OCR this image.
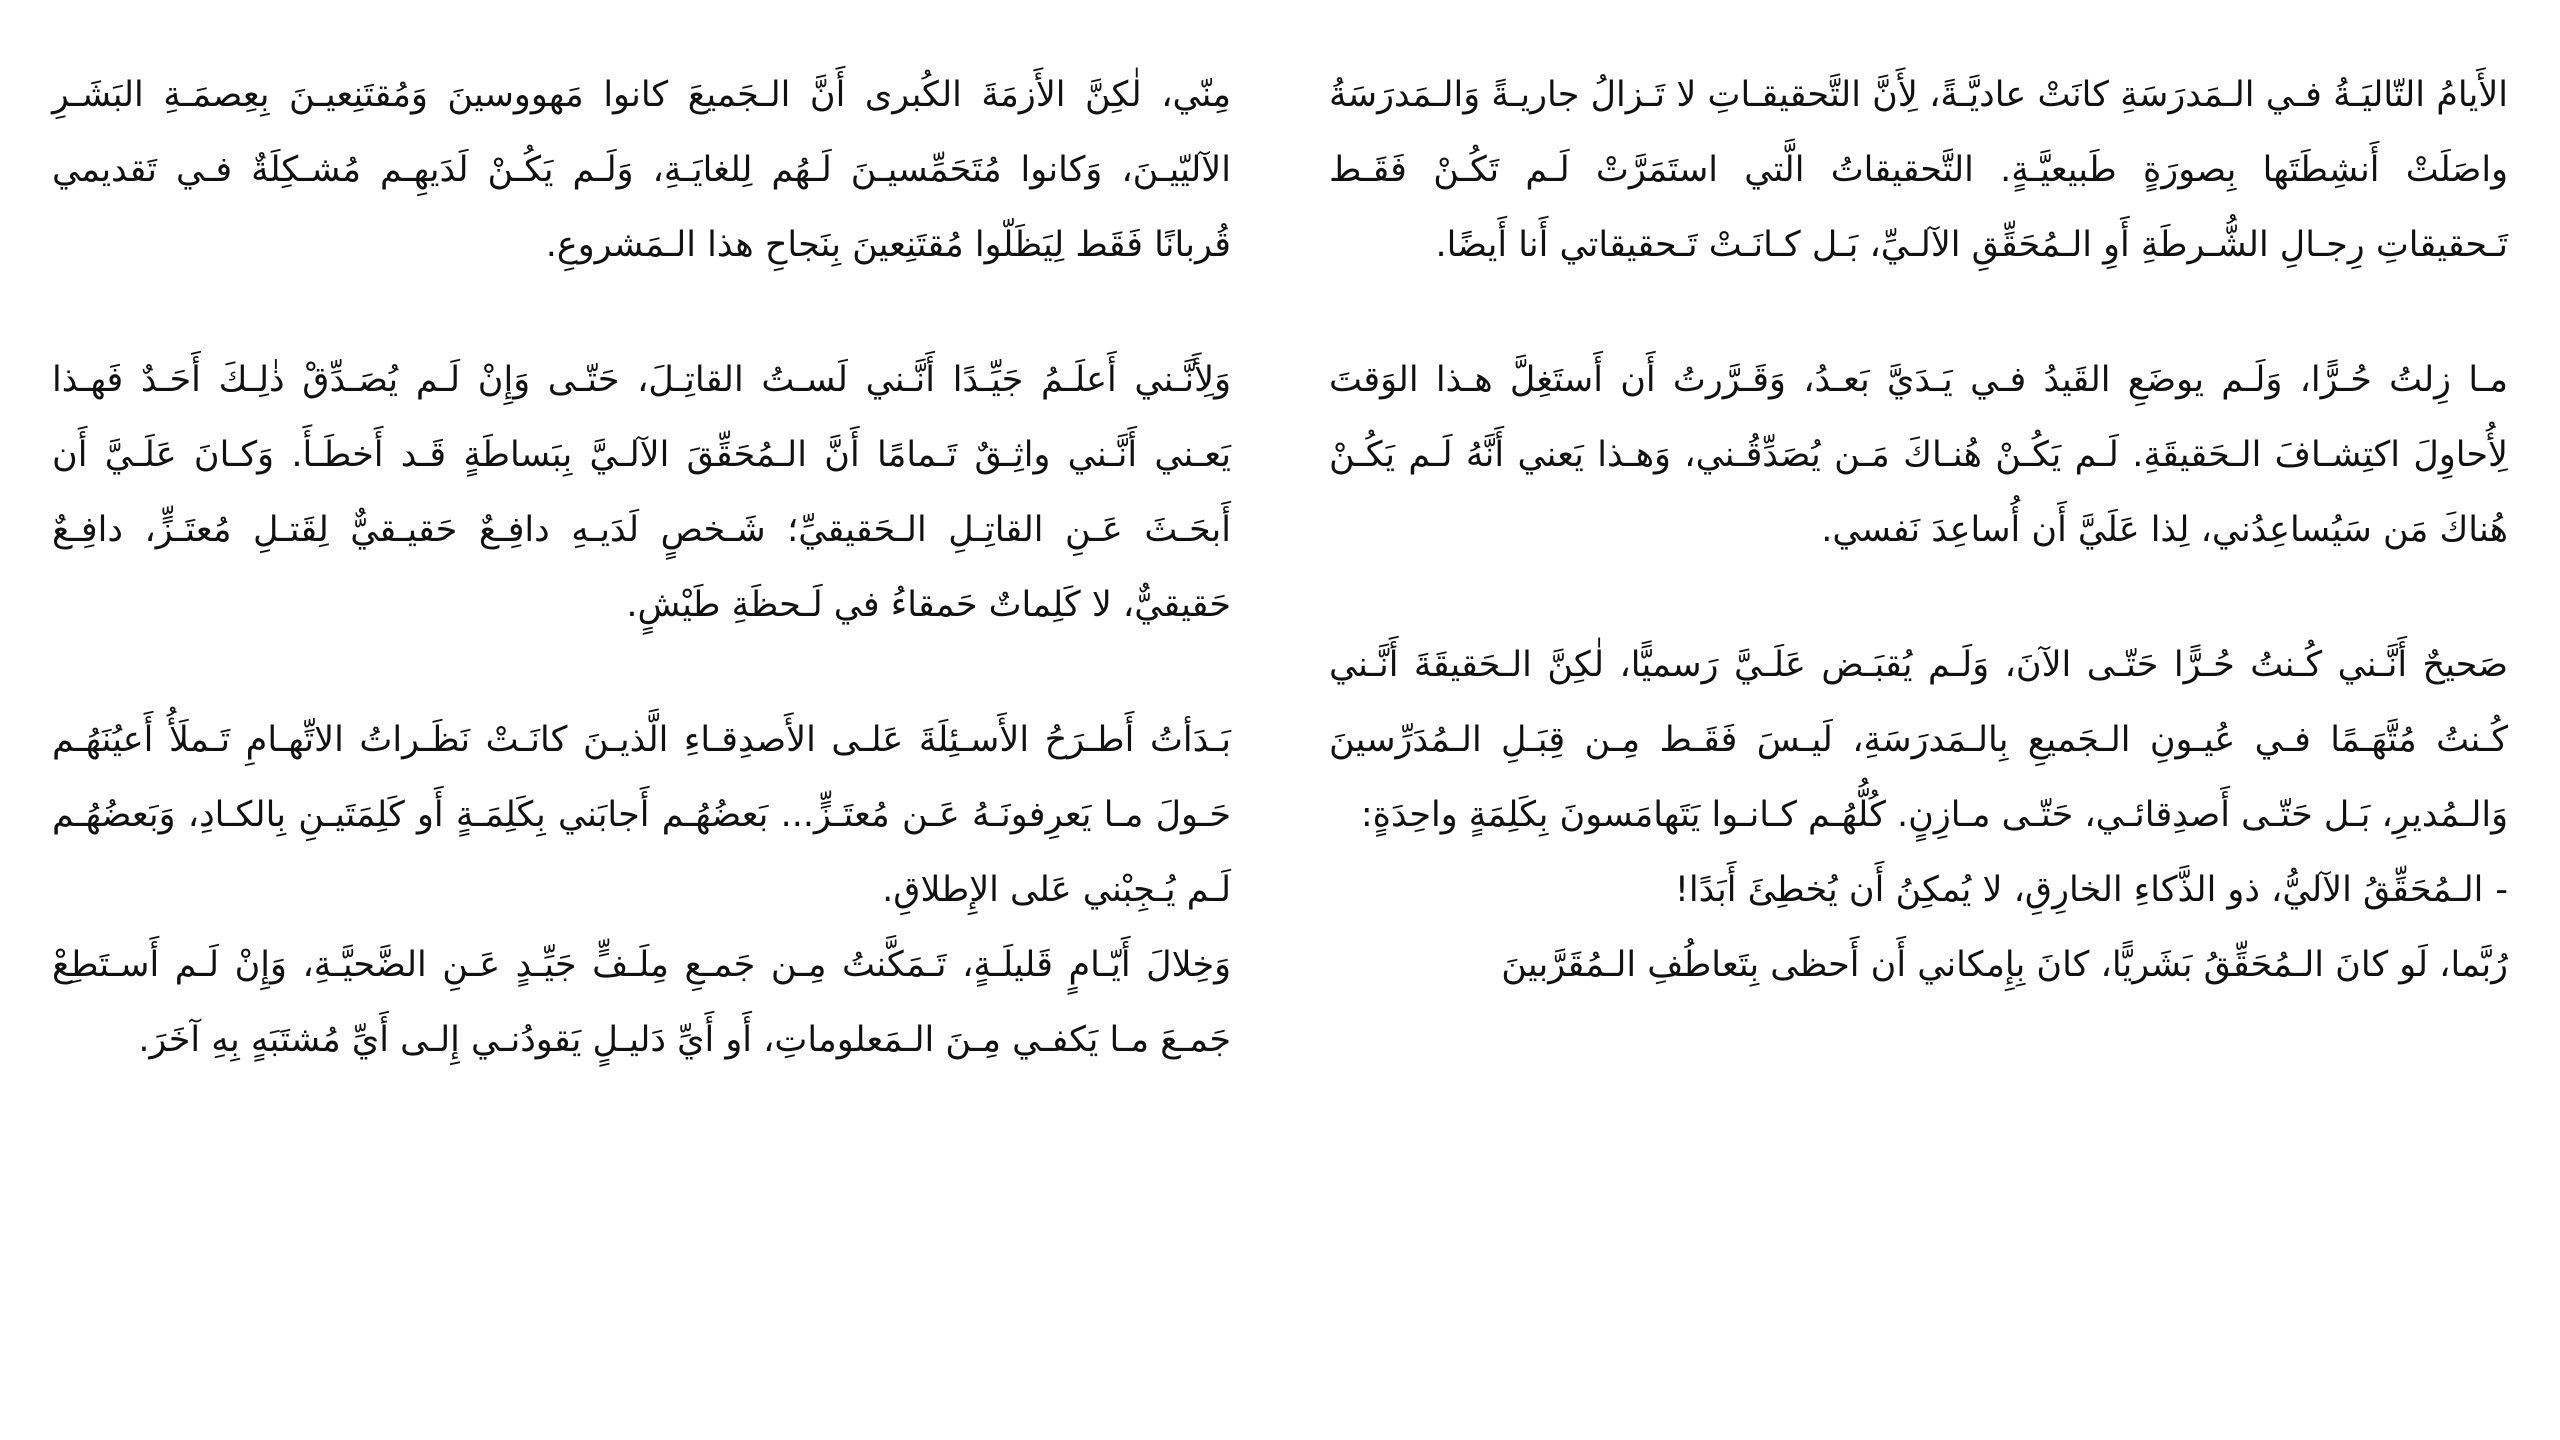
الأَيامُ التّاليَـةُ فـي الـمَدرَسَةِ كانَتْ عاديَّـةً، لِأَنَّ التَّحقيقـاتِ لا تَـزالُ جاريـةً وَالـمَدرَسَةُ واصَلَتْ أَنشِطَتَها بِصورَةٍ طَبيعيَّـةٍ. التَّحقيقاتُ الَّتي استَمَرَّتْ لَـم تَكُـنْ فَقَـط تَـحقيقاتِ رِجـالِ الشُّـرطَةِ أَوِ الـمُحَقِّقِ الآلـيِّ، بَـل كـانَـتْ تَـحقيقاتي أَنا أَيضًا.

مـا زِلتُ حُـرًّا، وَلَـم يوضَعِ القَيدُ فـي يَـدَيَّ بَعـدُ، وَقَـرَّرتُ أَن أَستَغِلَّ هـذا الوَقتَ لِأُحاوِلَ اكتِشـافَ الـحَقيقَةِ. لَـم يَكُـنْ هُنـاكَ مَـن يُصَدِّقُـني، وَهـذا يَعني أَنَّهُ لَـم يَكُـنْ هُناكَ مَن سَيُساعِدُني، لِذا عَلَيَّ أَن أُساعِدَ نَفسي.

صَحيحٌ أَنَّـني كُـنتُ حُـرًّا حَتّـى الآنَ، وَلَـم يُقبَـض عَلَـيَّ رَسميًّا، لٰكِنَّ الـحَقيقَةَ أَنَّـني كُـنتُ مُتَّهَـمًا فـي عُيـونِ الـجَميعِ بِالـمَدرَسَةِ، لَيـسَ فَقَـط مِـن قِبَـلِ الـمُدَرِّسينَ وَالـمُديرِ، بَـل حَتّـى أَصدِقائـي، حَتّـى مـازِنٍ. كُلُّهُـم كـانـوا يَتَهامَسونَ بِكَلِمَةٍ واحِدَةٍ:

-الـمُحَقِّقُ الآليُّ، ذو الذَّكاءِ الخارِقِ، لا يُمكِنُ أَن يُخطِئَ أَبَدًا!

رُبَّما، لَو كانَ الـمُحَقِّقُ بَشَريًّا، كانَ بِإِمكاني أَن أَحظى بِتَعاطُفِ الـمُقَرَّبينَ

مِنّي، لٰكِنَّ الأَزمَةَ الكُبرى أَنَّ الـجَميعَ كانوا مَهووسينَ وَمُقتَنِعيـنَ بِعِصمَـةِ البَشَـرِ الآليّيـنَ، وَكانوا مُتَحَمِّسيـنَ لَـهُم لِلغايَـةِ، وَلَـم يَكُـنْ لَدَيهِـم مُشـكِلَةٌ فـي تَقديمي قُربانًا فَقَط لِيَظَلّوا مُقتَنِعينَ بِنَجاحِ هذا الـمَشروعِ.

وَلِأَنَّـني أَعلَـمُ جَيِّـدًا أَنَّـني لَسـتُ القاتِـلَ، حَتّـى وَإِنْ لَـم يُصَـدِّقْ ذٰلِـكَ أَحَـدٌ فَهـذا يَعـني أَنَّـني واثِـقٌ تَـمامًا أَنَّ الـمُحَقِّقَ الآلـيَّ بِبَساطَةٍ قَـد أَخطَـأَ. وَكـانَ عَلَـيَّ أَن أَبحَـثَ عَـنِ القاتِـلِ الـحَقيقيِّ؛ شَـخصٍ لَدَيـهِ دافِـعٌ حَقيـقيٌّ لِقَتـلِ مُعتَـزٍّ، دافِـعٌ حَقيقيٌّ، لا كَلِماتٌ حَمقاءُ في لَـحظَةِ طَيْشٍ.

بَـدَأتُ أَطـرَحُ الأَسـئِلَةَ عَلـى الأَصدِقـاءِ الَّذيـنَ كانَـتْ نَظَـراتُ الاتِّهـامِ تَـملَأُ أَعيُنَهُـم حَـولَ مـا يَعرِفونَـهُ عَـن مُعتَـزٍّ... بَعضُهُـم أَجابَني بِكَلِمَـةٍ أَو كَلِمَتَيـنِ بِالكـادِ، وَبَعضُهُـم لَـم يُـجِبْني عَلى الإِطلاقِ.

وَخِلالَ أَيّـامٍ قَليلَـةٍ، تَـمَكَّنتُ مِـن جَمـعِ مِلَـفٍّ جَيِّـدٍ عَـنِ الضَّحيَّـةِ، وَإِنْ لَـم أَسـتَطِعْ جَمـعَ مـا يَكفـي مِـنَ الـمَعلوماتِ، أَو أَيِّ دَليـلٍ يَقودُنـي إِلـى أَيِّ مُشتَبَهٍ بِهِ آخَرَ.
